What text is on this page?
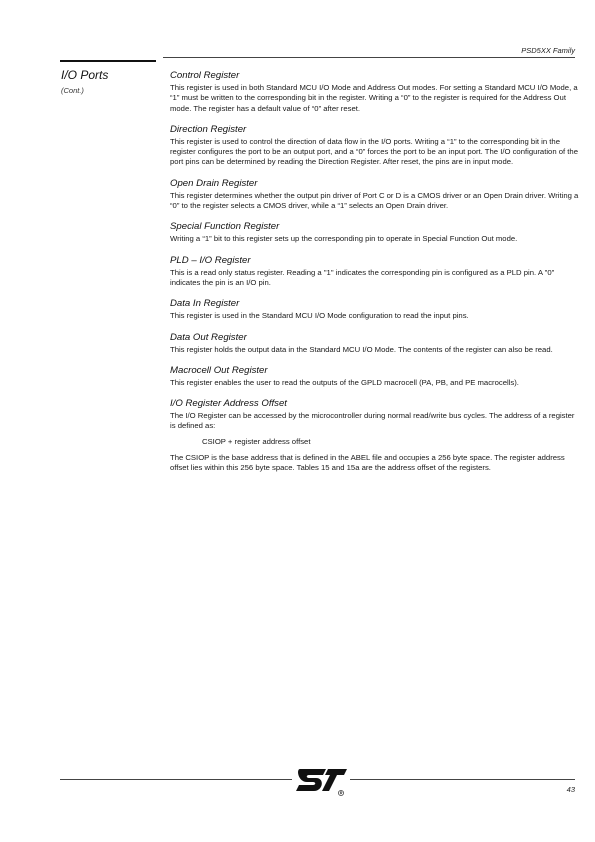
PSD5XX Family
I/O Ports
(Cont.)
Control Register

This register is used in both Standard MCU I/O Mode and Address Out modes. For setting a Standard MCU I/O Mode, a “1” must be written to the corresponding bit in the register. Writing a “0” to the register is required for the Address Out mode. The register has a default value of “0” after reset.

Direction Register

This register is used to control the direction of data flow in the I/O ports. Writing a “1” to the corresponding bit in the register configures the port to be an output port, and a “0” forces the port to be an input port. The I/O configuration of the port pins can be determined by reading the Direction Register. After reset, the pins are in input mode.

Open Drain Register

This register determines whether the output pin driver of Port C or D is a CMOS driver or an Open Drain driver. Writing a “0” to the register selects a CMOS driver, while a “1” selects an Open Drain driver.

Special Function Register

Writing a “1” bit to this register sets up the corresponding pin to operate in Special Function Out mode.

PLD – I/O Register

This is a read only status register. Reading a "1" indicates the corresponding pin is configured as a PLD pin. A "0" indicates the pin is an I/O pin.

Data In Register

This register is used in the Standard MCU I/O Mode configuration to read the input pins.

Data Out Register

This register holds the output data in the Standard MCU I/O Mode. The contents of the register can also be read.

Macrocell Out Register

This register enables the user to read the outputs of the GPLD macrocell (PA, PB, and PE macrocells).

I/O Register Address Offset

The I/O Register can be accessed by the microcontroller during normal read/write bus cycles. The address of a register is defined as:

CSIOP + register address offset

The CSIOP is the base address that is defined in the ABEL file and occupies a 256 byte space. The register address offset lies within this 256 byte space. Tables 15 and 15a are the address offset of the registers.

43
